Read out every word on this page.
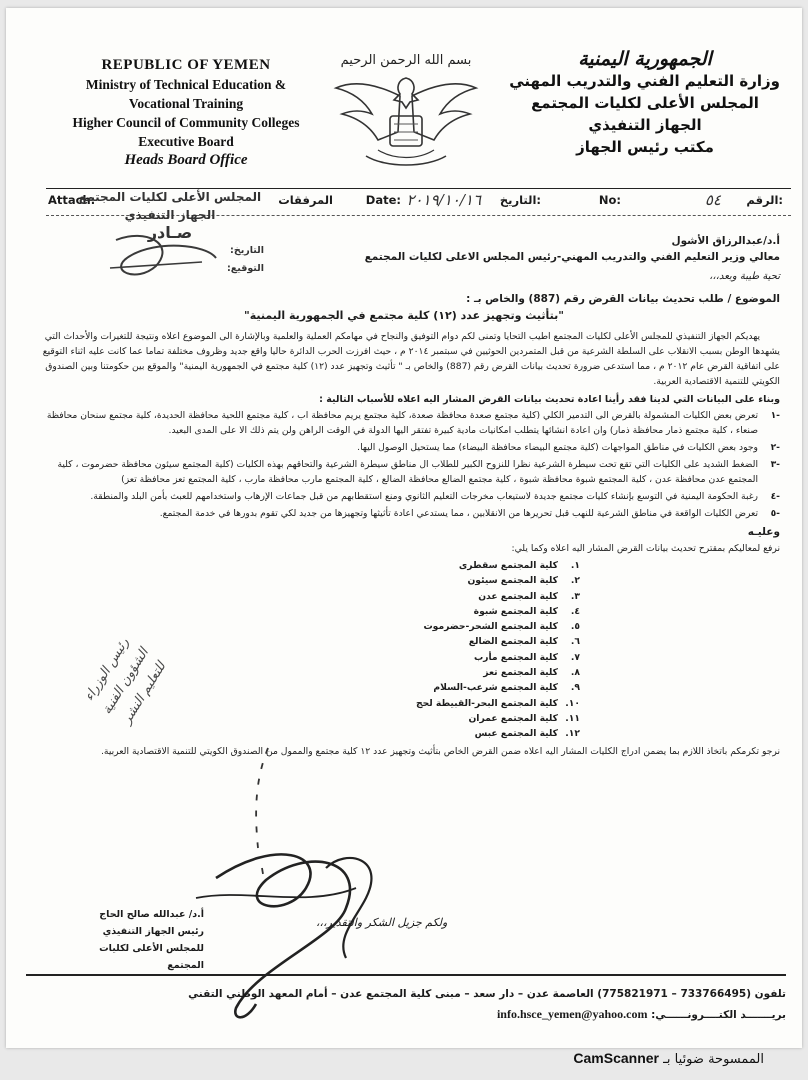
REPUBLIC OF YEMEN
Ministry of Technical Education &
Vocational Training
Higher Council of Community Colleges
Executive Board
Heads Board Office
بسم الله الرحمن الرحيم	الجمهورية اليمنية
وزارة التعليم الفني والتدريب المهني
المجلس الأعلى لكليات المجتمع
الجهاز التنفيذي
مكتب رئيس الجهاز
الرقم:
٥٤
No:
التاريخ:
٢٠١٩/١٠/١٦
Date:
المرفقات
Attach:
المجلس الأعلى لكليات المجتمع
الجهاز التنفيذي
صـادر
التاريخ:
التوقيع:

أ.د/عبدالرزاق الأشول

معالي وزير التعليم الفني والتدريب المهني-رئيس المجلس الاعلى لكليات المجتمع

تحية طيبة وبعد،،،

الموضوع / طلب تحديث بيانات القرض رقم (887) والخاص بـ :

"بتأثيث وتجهيز عدد (١٢) كلية مجتمع في الجمهورية اليمنية"

يهديكم الجهاز التنفيذي للمجلس الأعلى لكليات المجتمع اطيب التحايا وتمنى لكم دوام التوفيق والنجاح في مهامكم العملية والعلمية وبالإشارة الى الموضوع اعلاه ونتيجة للتغيرات والأحداث التي يشهدها الوطن بسبب الانقلاب على السلطة الشرعية من قبل المتمردين الحوثيين في سبتمبر ٢٠١٤ م ، حيث افرزت الحرب الدائرة حاليا واقع جديد وظروف مختلفة تماما عما كانت عليه اثناء التوقيع على اتفاقية القرض عام ٢٠١٢ م ، مما استدعى ضرورة تحديث بيانات القرض رقم (887) والخاص بـ " تأثيث وتجهيز عدد (١٢) كلية مجتمع في الجمهورية اليمنية" والموقع بين حكومتنا وبين الصندوق الكويتي للتنمية الاقتصادية العربية.

وبناء على البيانات التي لدينا فقد رأينا اعادة تحديث بيانات القرض المشار اليه اعلاه للأسباب التالية :

-١
تعرض بعض الكليات المشمولة بالقرض الى التدمير الكلي (كلية مجتمع صعدة محافظة صعدة، كلية مجتمع يريم محافظة اب ، كلية مجتمع اللحية محافظة الحديدة، كلية مجتمع سنحان محافظة صنعاء ، كلية مجتمع ذمار محافظة ذمار) وان اعادة انشائها يتطلب امكانيات مادية كبيرة تفتقر اليها الدولة في الوقت الراهن ولن يتم ذلك الا على المدى البعيد.
-٢
وجود بعض الكليات في مناطق المواجهات (كلية مجتمع البيضاء محافظة البيضاء) مما يستحيل الوصول اليها.
-٣
الضغط الشديد على الكليات التي تقع تحت سيطرة الشرعية نظرا للنزوح الكبير للطلاب ال مناطق سيطرة الشرعية والتحاقهم بهذه الكليات (كلية المجتمع سيئون محافظة حضرموت ، كلية المجتمع عدن محافظة عدن ، كلية المجتمع شبوة محافظة شبوة ، كلية مجتمع الضالع محافظة الضالع ، كلية المجتمع مارب محافظة مارب ، كلية المجتمع تعز محافظة تعز)
-٤
رغبة الحكومة اليمنية في التوسع بإنشاء كليات مجتمع جديدة لاستيعاب مخرجات التعليم الثانوي ومنع استقطابهم من قبل جماعات الإرهاب واستخدامهم للعبث بأمن البلد والمنطقة.
-٥
تعرض الكليات الواقعة في مناطق الشرعية للنهب قبل تحريرها من الانقلابين ، مما يستدعي اعادة تأثيثها وتجهيزها من جديد لكي تقوم بدورها في خدمة المجتمع.

وعليـه

نرفع لمعاليكم بمقترح تحديث بيانات القرض المشار اليه اعلاه وكما يلي:

١.كلية المجتمع سقطرى
٢.كلية المجتمع سيئون
٣.كلية المجتمع عدن
٤.كلية المجتمع شبوة
٥.كلية المجتمع الشحر-حضرموت
٦.كلية المجتمع الضالع
٧.كلية المجتمع مأرب
٨.كلية المجتمع تعز
٩.كلية المجتمع شرعب-السلام
١٠.كلية المجتمع البحر-القبيطة لحج
١١.كلية المجتمع عمران
١٢.كلية المجتمع عبس

نرجو تكرمكم باتخاذ اللازم بما يضمن ادراج الكليات المشار اليه اعلاه ضمن القرض الخاص بتأثيث وتجهيز عدد ١٢ كلية مجتمع والممول من الصندوق الكويتي للتنمية الاقتصادية العربية.

ولكم جزيل الشكر والتقدير،،،
أ.د/ عبدالله صالح الحاج
رئيس الجهاز التنفيذي
للمجلس الأعلى لكليات المجتمع
رئيس الوزراء الشؤون الفنية للتعليم النشر
تلفون (733766495 – 775821971) العاصمة عدن – دار سعد – مبنى كلية المجتمع عدن – أمام المعهد الوطني التقني
بريـــــــد الكتــــرونــــــي: info.hsce_yemen@yahoo.com
الممسوحة ضوئيا بـ CamScanner
